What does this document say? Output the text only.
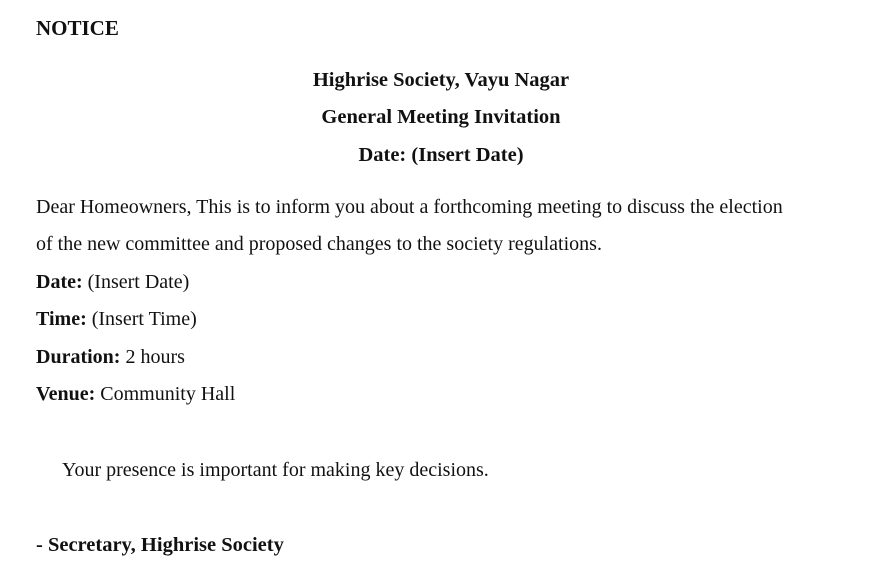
NOTICE
Highrise Society, Vayu Nagar
General Meeting Invitation
Date: (Insert Date)
Dear Homeowners, This is to inform you about a forthcoming meeting to discuss the election
of the new committee and proposed changes to the society regulations.
Date: (Insert Date)
Time: (Insert Time)
Duration: 2 hours
Venue: Community Hall
Your presence is important for making key decisions.
- Secretary, Highrise Society
